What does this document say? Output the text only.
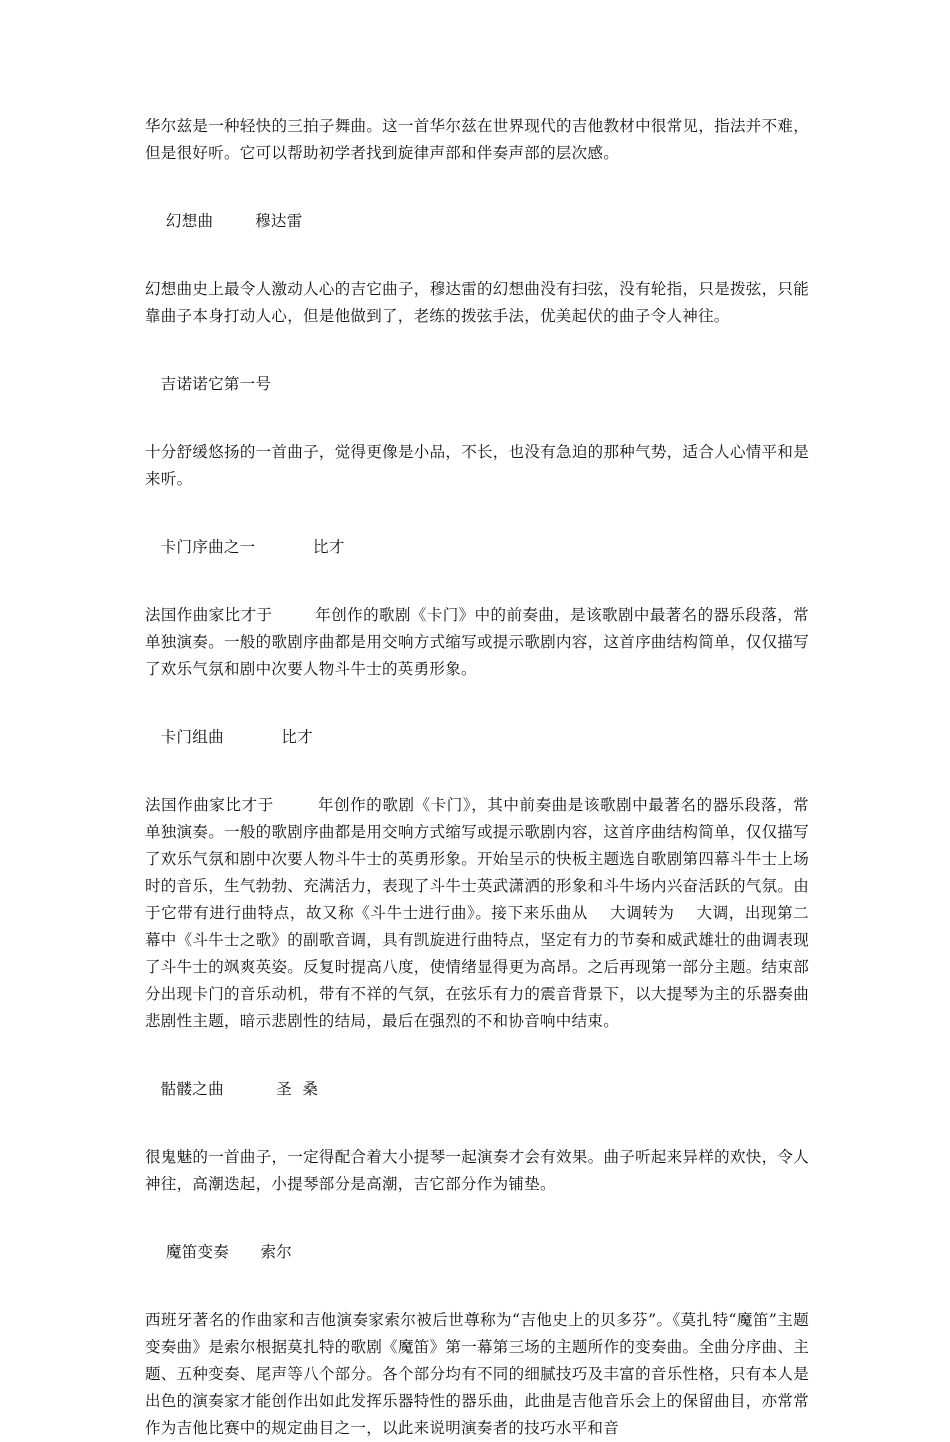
华尔兹是一种轻快的三拍子舞曲。这一首华尔兹在世界现代的吉他教材中很常见，指法并不难，但是很好听。它可以帮助初学者找到旋律声部和伴奏声部的层次感。

幻想曲        穆达雷

幻想曲史上最令人激动人心的吉它曲子，穆达雷的幻想曲没有扫弦，没有轮指，只是拨弦，只能靠曲子本身打动人心，但是他做到了，老练的拨弦手法，优美起伏的曲子令人神往。

吉诺诺它第一号

十分舒缓悠扬的一首曲子，觉得更像是小品，不长，也没有急迫的那种气势，适合人心情平和是来听。

卡门序曲之一           比才

法国作曲家比才于        年创作的歌剧《卡门》中的前奏曲，是该歌剧中最著名的器乐段落，常单独演奏。一般的歌剧序曲都是用交响方式缩写或提示歌剧内容，这首序曲结构简单，仅仅描写了欢乐气氛和剧中次要人物斗牛士的英勇形象。

卡门组曲           比才

法国作曲家比才于        年创作的歌剧《卡门》，其中前奏曲是该歌剧中最著名的器乐段落，常单独演奏。一般的歌剧序曲都是用交响方式缩写或提示歌剧内容，这首序曲结构简单，仅仅描写了欢乐气氛和剧中次要人物斗牛士的英勇形象。开始呈示的快板主题选自歌剧第四幕斗牛士上场时的音乐，生气勃勃、充满活力，表现了斗牛士英武潇洒的形象和斗牛场内兴奋活跃的气氛。由于它带有进行曲特点，故又称《斗牛士进行曲》。接下来乐曲从    大调转为    大调，出现第二幕中《斗牛士之歌》的副歌音调，具有凯旋进行曲特点，坚定有力的节奏和威武雄壮的曲调表现了斗牛士的飒爽英姿。反复时提高八度，使情绪显得更为高昂。之后再现第一部分主题。结束部分出现卡门的音乐动机，带有不祥的气氛，在弦乐有力的震音背景下，以大提琴为主的乐器奏曲悲剧性主题，暗示悲剧性的结局，最后在强烈的不和协音响中结束。

骷髅之曲          圣  桑

很鬼魅的一首曲子，一定得配合着大小提琴一起演奏才会有效果。曲子听起来异样的欢快，令人神往，高潮迭起，小提琴部分是高潮，吉它部分作为铺垫。

魔笛变奏      索尔

西班牙著名的作曲家和吉他演奏家索尔被后世尊称为“吉他史上的贝多芬”。《莫扎特“魔笛”主题变奏曲》是索尔根据莫扎特的歌剧《魔笛》第一幕第三场的主题所作的变奏曲。全曲分序曲、主题、五种变奏、尾声等八个部分。各个部分均有不同的细腻技巧及丰富的音乐性格，只有本人是出色的演奏家才能创作出如此发挥乐器特性的器乐曲，此曲是吉他音乐会上的保留曲目，亦常常作为吉他比赛中的规定曲目之一，以此来说明演奏者的技巧水平和音
